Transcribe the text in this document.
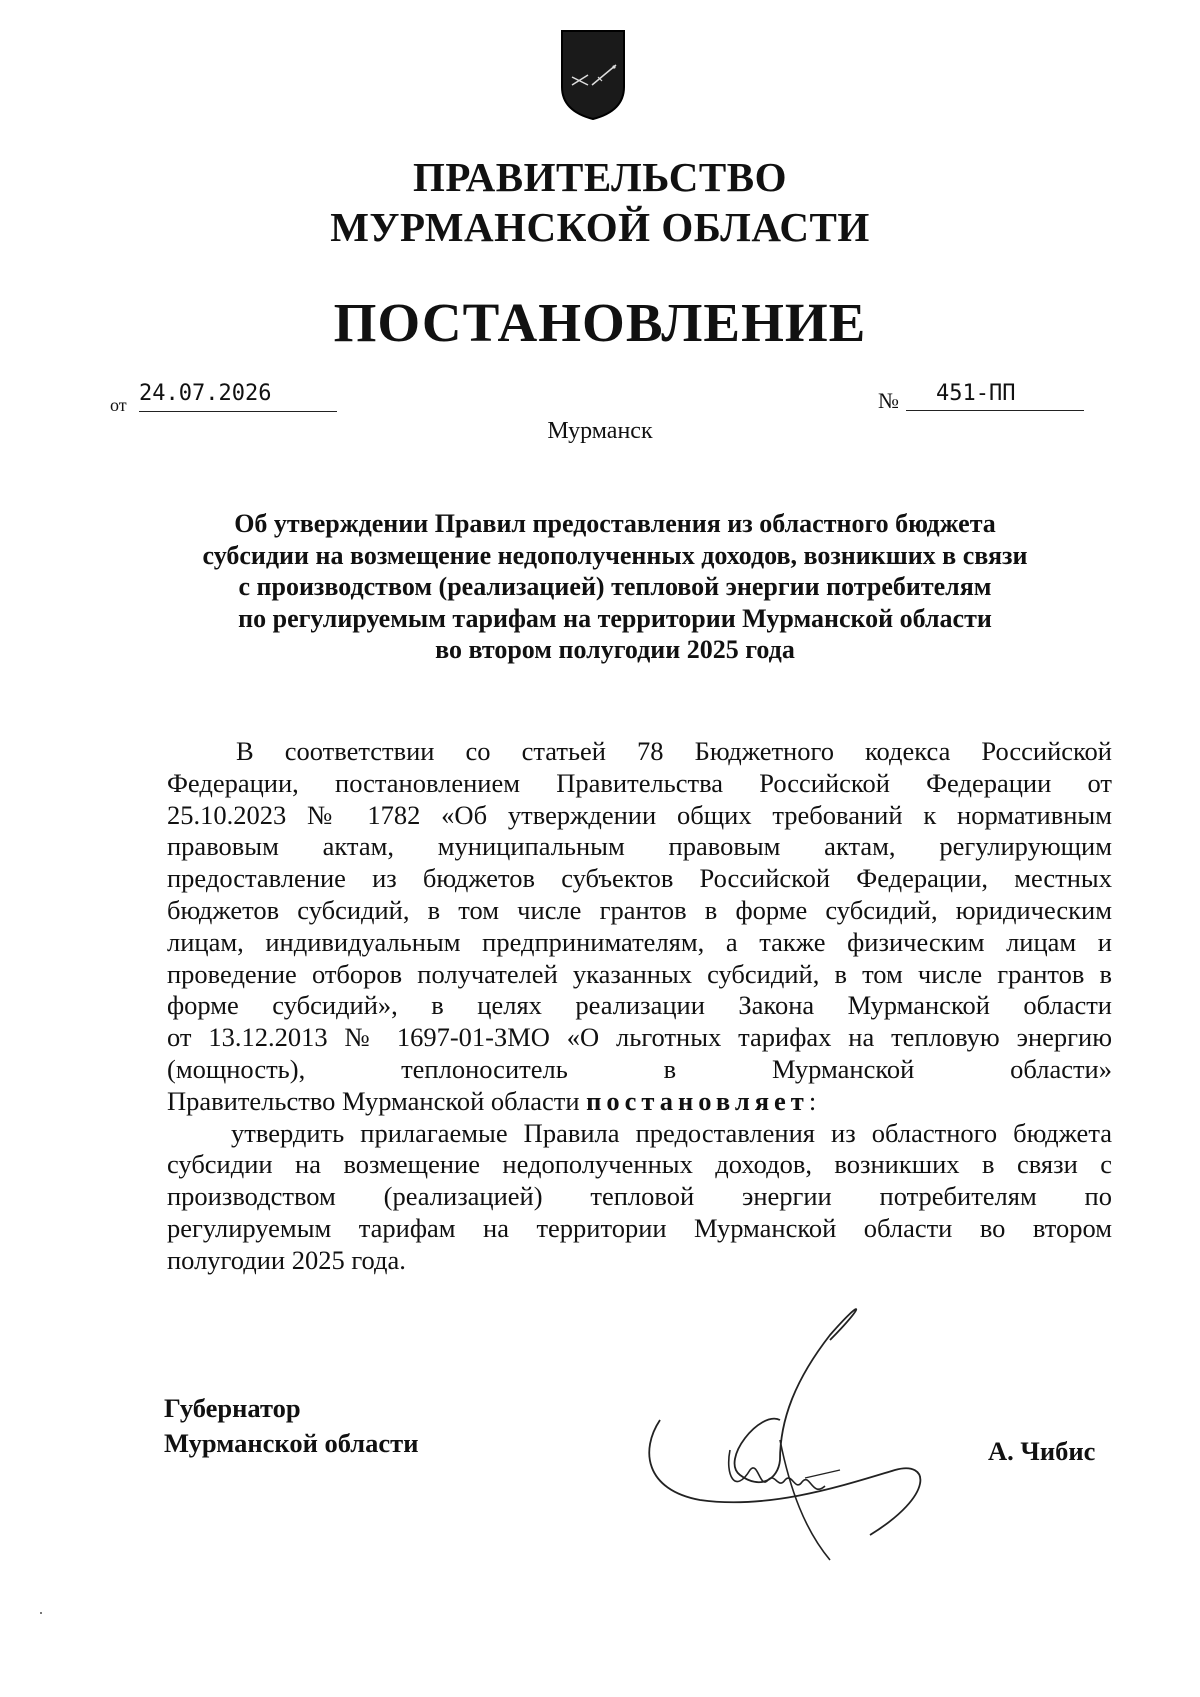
ПРАВИТЕЛЬСТВО
МУРМАНСКОЙ ОБЛАСТИ
ПОСТАНОВЛЕНИЕ
от 24.07.2026	№	451-ПП
Мурманск
Об утверждении Правил предоставления из областного бюджета
субсидии на возмещение недополученных доходов, возникших в связи
с производством (реализацией) тепловой энергии потребителям
по регулируемым тарифам на территории Мурманской области
во втором полугодии 2025 года
В соответствии со статьей 78 Бюджетного кодекса Российской
Федерации, постановлением Правительства Российской Федерации от
25.10.2023 № 1782 «Об утверждении общих требований к нормативным
правовым актам, муниципальным правовым актам, регулирующим
предоставление из бюджетов субъектов Российской Федерации, местных
бюджетов субсидий, в том числе грантов в форме субсидий, юридическим
лицам, индивидуальным предпринимателям, а также физическим лицам и
проведение отборов получателей указанных субсидий, в том числе грантов в
форме субсидий», в целях реализации Закона Мурманской области
от 13.12.2013 № 1697-01-ЗМО «О льготных тарифах на тепловую энергию
(мощность), теплоноситель в Мурманской области»
Правительство Мурманской области постановляет:
утвердить прилагаемые Правила предоставления из областного бюджета
субсидии на возмещение недополученных доходов, возникших в связи с
производством (реализацией) тепловой энергии потребителям по
регулируемым тарифам на территории Мурманской области во втором
полугодии 2025 года.
Губернатор
Мурманской области	А. Чибис
